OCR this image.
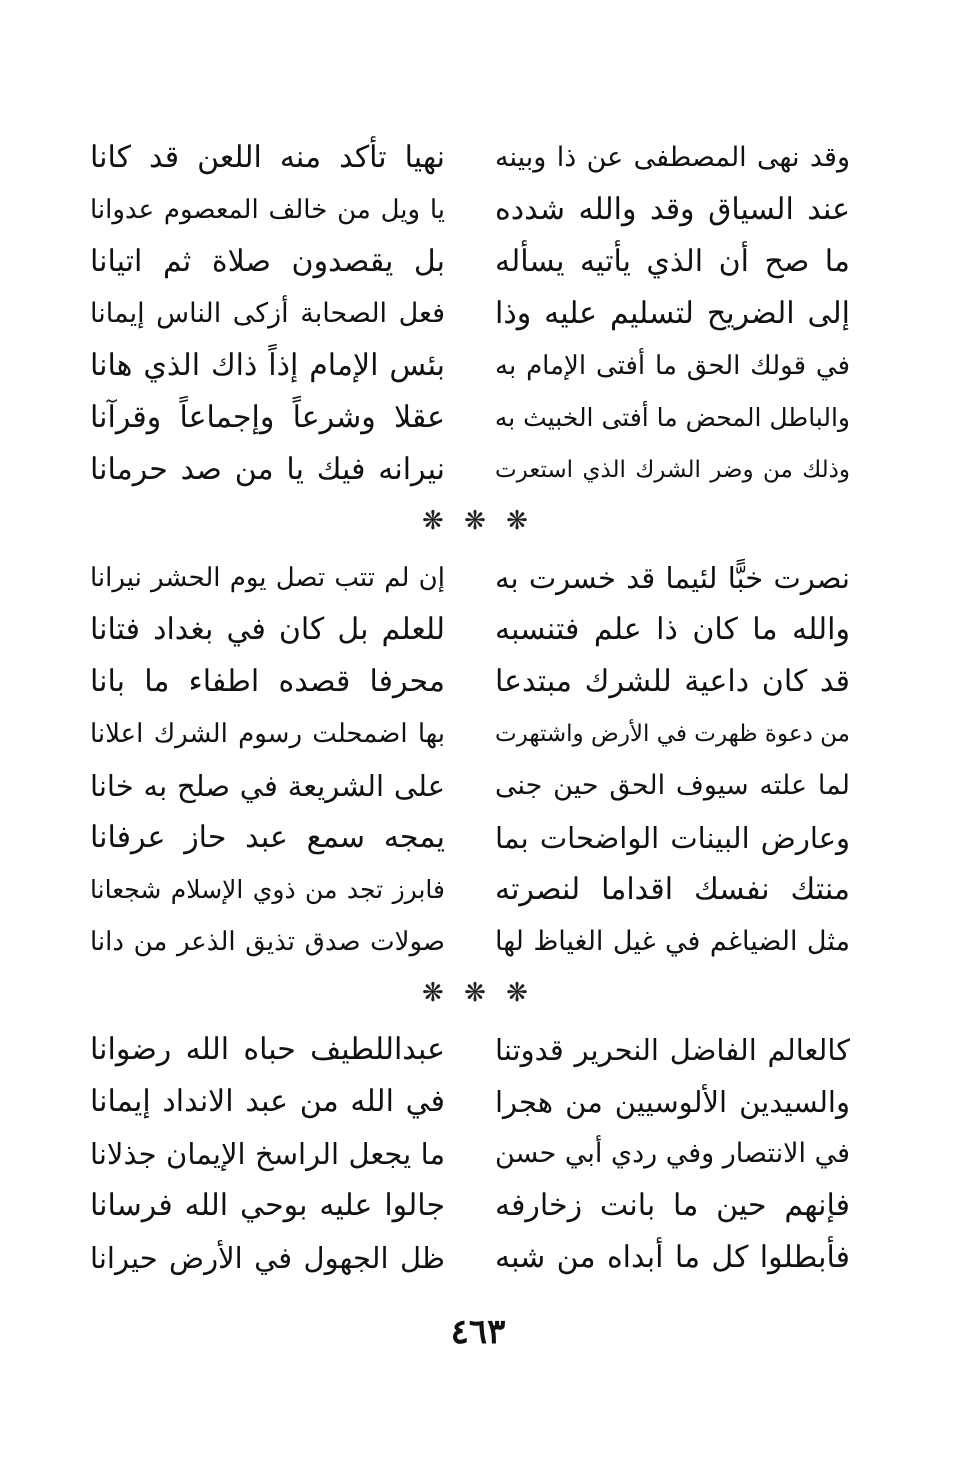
وقد نهى المصطفى عن ذا وبينه
نهيا تأكد منه اللعن قد كانا
عند السياق وقد والله شدده
يا ويل من خالف المعصوم عدوانا
ما صح أن الذي يأتيه يسأله
بل يقصدون صلاة ثم اتيانا
إلى الضريح لتسليم عليه وذا
فعل الصحابة أزكى الناس إيمانا
في قولك الحق ما أفتى الإمام به
بئس الإمام إذاً ذاك الذي هانا
والباطل المحض ما أفتى الخبيث به
عقلا وشرعاً وإجماعاً وقرآنا
وذلك من وضر الشرك الذي استعرت
نيرانه فيك يا من صد حرمانا
❋ ❋ ❋
نصرت خبًّا لئيما قد خسرت به
إن لم تتب تصل يوم الحشر نيرانا
والله ما كان ذا علم فتنسبه
للعلم بل كان في بغداد فتانا
قد كان داعية للشرك مبتدعا
محرفا قصده اطفاء ما بانا
من دعوة ظهرت في الأرض واشتهرت
بها اضمحلت رسوم الشرك اعلانا
لما علته سيوف الحق حين جنى
على الشريعة في صلح به خانا
وعارض البينات الواضحات بما
يمجه سمع عبد حاز عرفانا
منتك نفسك اقداما لنصرته
فابرز تجد من ذوي الإسلام شجعانا
مثل الضياغم في غيل الغياظ لها
صولات صدق تذيق الذعر من دانا
❋ ❋ ❋
كالعالم الفاضل النحرير قدوتنا
عبداللطيف حباه الله رضوانا
والسيدين الألوسيين من هجرا
في الله من عبد الانداد إيمانا
في الانتصار وفي ردي أبي حسن
ما يجعل الراسخ الإيمان جذلانا
فإنهم حين ما بانت زخارفه
جالوا عليه بوحي الله فرسانا
فأبطلوا كل ما أبداه من شبه
ظل الجهول في الأرض حيرانا
٤٦٣
